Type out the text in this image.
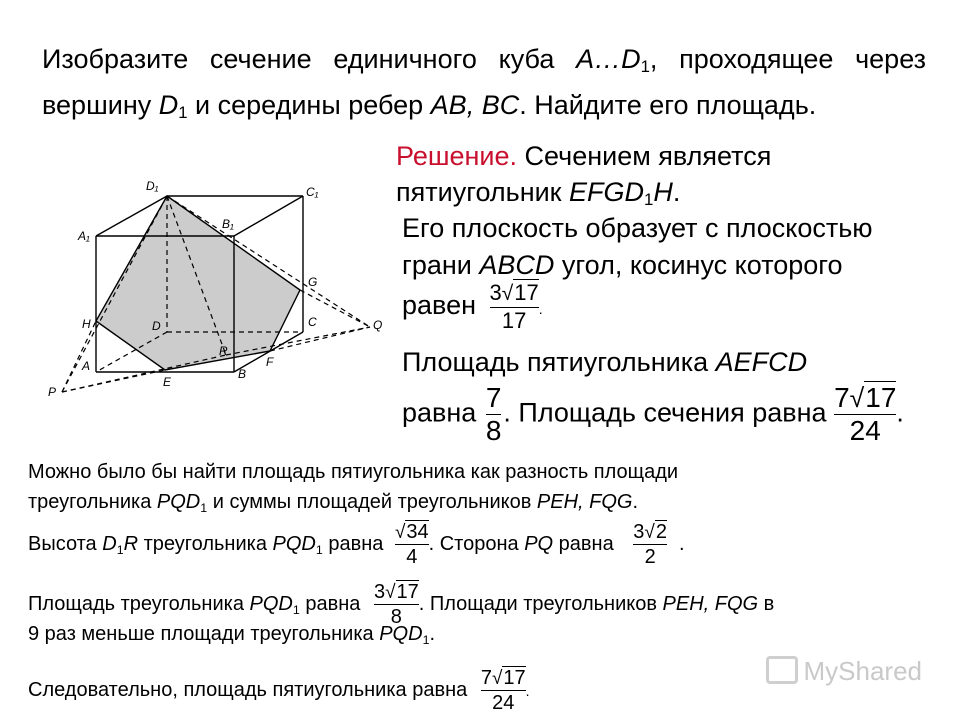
Изобразите сечение единичного куба $A\dots D_1$, проходящее через вершину $D_1$ и середины ребер AB, BC. Найдите его площадь.
D₁	C₁
A₁
B₁
G
H	D	C	Q
R
F
A
E
B
P
Решение. Сечением является
пятиугольник $EFGD_1H$.
Его плоскость образует с плоскостью
грани ABCD угол, косинус которого
равен $\frac{3√17}{17}$ .
Площадь пятиугольника AEFCD
равна $\frac{7}{8}$ . Площадь сечения равна $\frac{7√17}{24}$ .
Можно было бы найти площадь пятиугольника как разность площади
треугольника $PQD_1$ и суммы площадей треугольников PEH, FQG.
Высота $D_1R$ треугольника $PQD_1$ равна $\frac{√34}{4}$ . Сторона PQ равна $\frac{3√2}{2}$ .
Площадь треугольника $PQD_1$ равна $\frac{3√17}{8}$ . Площади треугольников PEH, FQG в
9 раз меньше площади треугольника $PQD_1$.
Следовательно, площадь пятиугольника равна $\frac{7√17}{24}$ .
MyShared
